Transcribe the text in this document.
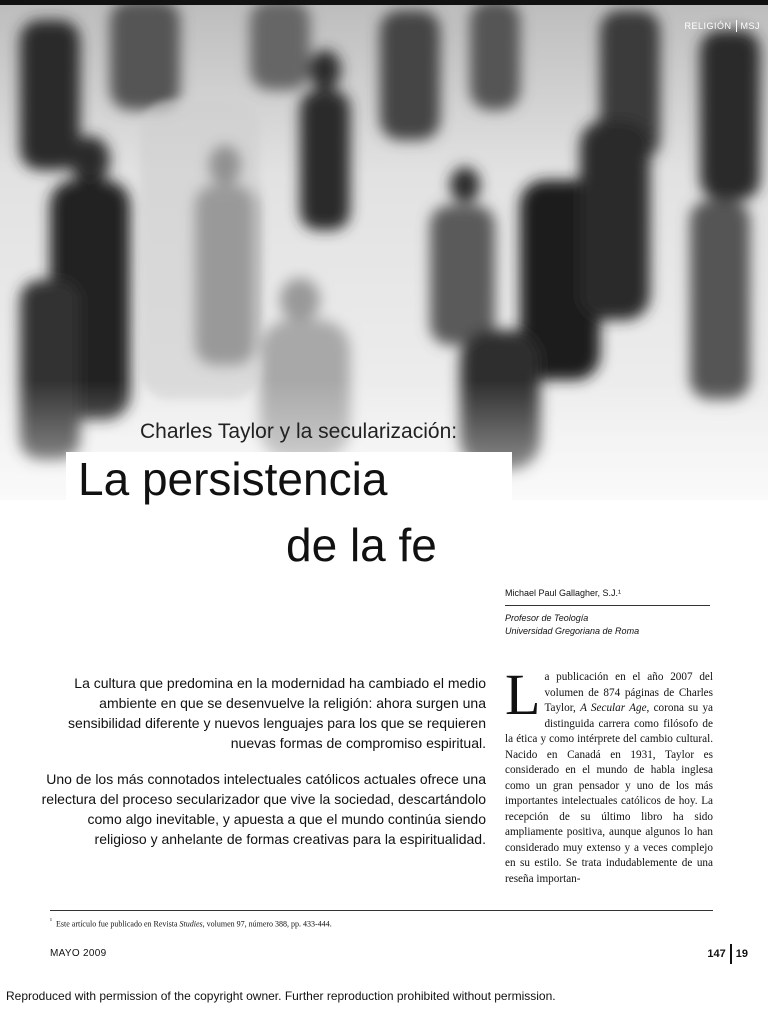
RELIGIÓN MSJ
Charles Taylor y la secularización:
La persistencia
de la fe
Michael Paul Gallagher, S.J.¹
Profesor de Teología
Universidad Gregoriana de Roma

La cultura que predomina en la modernidad ha cambiado el medio ambiente en que se desenvuelve la religión: ahora surgen una sensibilidad diferente y nuevos lenguajes para los que se requieren nuevas formas de compromiso espiritual.

Uno de los más connotados intelectuales católicos actuales ofrece una relectura del proceso secularizador que vive la sociedad, descartándolo como algo inevitable, y apuesta a que el mundo continúa siendo religioso y anhelante de formas creativas para la espiritualidad.

La publicación en el año 2007 del volumen de 874 páginas de Charles Taylor, A Secular Age, corona su ya distinguida carrera como filósofo de la ética y como intérprete del cambio cultural. Nacido en Canadá en 1931, Taylor es considerado en el mundo de habla inglesa como un gran pensador y uno de los más importantes intelectuales católicos de hoy. La recepción de su último libro ha sido ampliamente positiva, aunque algunos lo han considerado muy extenso y a veces complejo en su estilo. Se trata indudablemente de una reseña importan-

$^{^1}$ Este artículo fue publicado en Revista Studies, volumen 97, número 388, pp. 433-444.
MAYO 2009	147 19
Reproduced with permission of the copyright owner. Further reproduction prohibited without permission.
